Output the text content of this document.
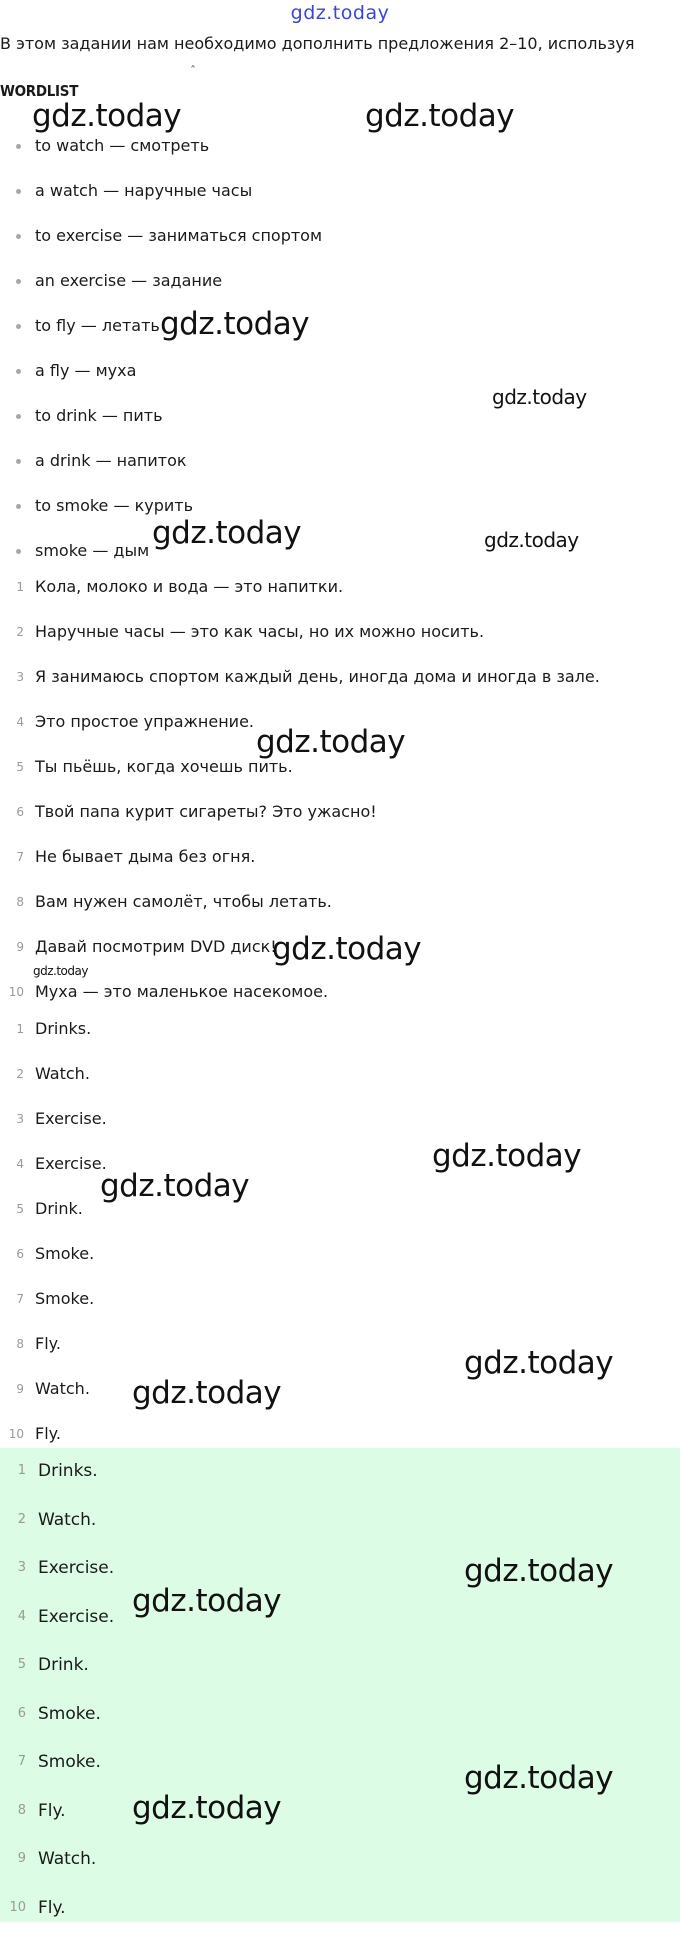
gdz.today
В этом задании нам необходимо дополнить предложения 2–10, используя
ˆ
WORDLIST
to watch — смотреть
a watch — наручные часы
to exercise — заниматься спортом
an exercise — задание
to fly — летать
a fly — муха
to drink — пить
a drink — напиток
to smoke — курить
smoke — дым
1 Кола, молоко и вода — это напитки.
2 Наручные часы — это как часы, но их можно носить.
3 Я занимаюсь спортом каждый день, иногда дома и иногда в зале.
4 Это простое упражнение.
5 Ты пьёшь, когда хочешь пить.
6 Твой папа курит сигареты? Это ужасно!
7 Не бывает дыма без огня.
8 Вам нужен самолёт, чтобы летать.
9 Давай посмотрим DVD диск!
10 Муха — это маленькое насекомое.
1 Drinks.
2 Watch.
3 Exercise.
4 Exercise.
5 Drink.
6 Smoke.
7 Smoke.
8 Fly.
9 Watch.
10 Fly.
1 Drinks.
2 Watch.
3 Exercise.
4 Exercise.
5 Drink.
6 Smoke.
7 Smoke.
8 Fly.
9 Watch.
10 Fly.
gdz.today	gdz.today
gdz.today
gdz.today
gdz.today	gdz.today
gdz.today
gdz.today
gdz.today
gdz.today
gdz.today
gdz.today
gdz.today
gdz.today
gdz.today
gdz.today
gdz.today
